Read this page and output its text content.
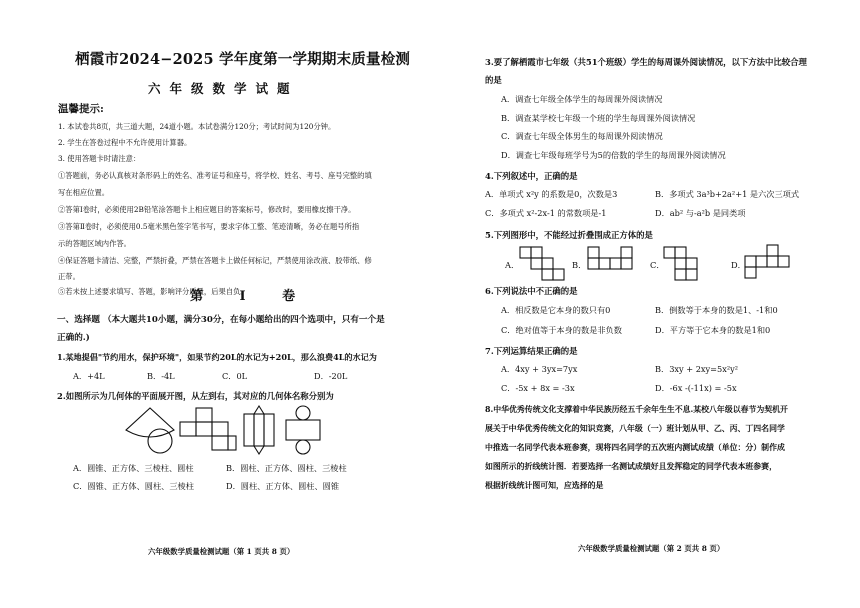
栖霞市2024−2025 学年度第一学期期末质量检测
六年级数学试题
温馨提示:
1. 本试卷共8页，共三道大题，24道小题。本试卷满分120分；考试时间为120分钟。
2. 学生在答卷过程中不允许使用计算器。
3. 使用答题卡时请注意：
①答题前，务必认真核对条形码上的姓名、准考证号和座号，将学校、姓名、考号、座号完整的填
写在相应位置。
②答第Ⅰ卷时，必须使用2B铅笔涂答题卡上相应题目的答案标号，修改时，要用橡皮擦干净。
③答第Ⅱ卷时，必须使用0.5毫米黑色签字笔书写，要求字体工整、笔迹清晰，务必在题号所指
示的答题区域内作答。
④保证答题卡清洁、完整，严禁折叠，严禁在答题卡上做任何标记，严禁使用涂改液、胶带纸、修
正带。
⑤若未按上述要求填写、答题，影响评分质量，后果自负。
第 Ⅰ 卷
一、选择题 （本大题共10小题，满分30分，在每小题给出的四个选项中，只有一个是
正确的.)
1.某地提倡"节约用水，保护环境"，如果节约20L的水记为+20L，那么浪费4L的水记为
A．+4L	B．-4L	C．0L	D．-20L
2.如图所示为几何体的平面展开图，从左到右，其对应的几何体名称分别为
A．圆锥、正方体、三棱柱、圆柱	B．圆柱、正方体、圆柱、三棱柱
C．圆锥、正方体、圆柱、三棱柱	D．圆柱、正方体、圆柱、圆锥
六年级数学质量检测试题（第 1 页共 8 页）
3.要了解栖霞市七年级（共51个班级）学生的每周课外阅读情况，以下方法中比较合理
的是
A．调查七年级全体学生的每周课外阅读情况
B．调查某学校七年级一个班的学生每周课外阅读情况
C．调查七年级全体男生的每周课外阅读情况
D．调查七年级每班学号为5的倍数的学生的每周课外阅读情况
4.下列叙述中，正确的是
A．单项式 x²y 的系数是0，次数是3	B．多项式 3a³b+2a²+1 是六次三项式
C．多项式 x²-2x-1 的常数项是-1	D．ab² 与-a²b 是同类项
5.下列图形中，不能经过折叠围成正方体的是
A．	B．	C．	D．
6.下列说法中不正确的是
A．相反数是它本身的数只有0	B．倒数等于本身的数是1、-1和0
C．绝对值等于本身的数是非负数	D．平方等于它本身的数是1和0
7.下列运算结果正确的是
A．4xy + 3yx=7yx	B．3xy + 2xy=5x²y²
C．-5x + 8x = -3x	D．-6x -(-11x) = -5x
8.中华优秀传统文化支撑着中华民族历经五千余年生生不息.某校八年级以春节为契机开
展关于中华优秀传统文化的知识竞赛，八年级（一）班计划从甲、乙、丙、丁四名同学
中推选一名同学代表本班参赛，现将四名同学的五次班内测试成绩（单位：分）制作成
如图所示的折线统计图．若要选择一名测试成绩好且发挥稳定的同学代表本班参赛，
根据折线统计图可知，应选择的是
六年级数学质量检测试题（第 2 页共 8 页）
